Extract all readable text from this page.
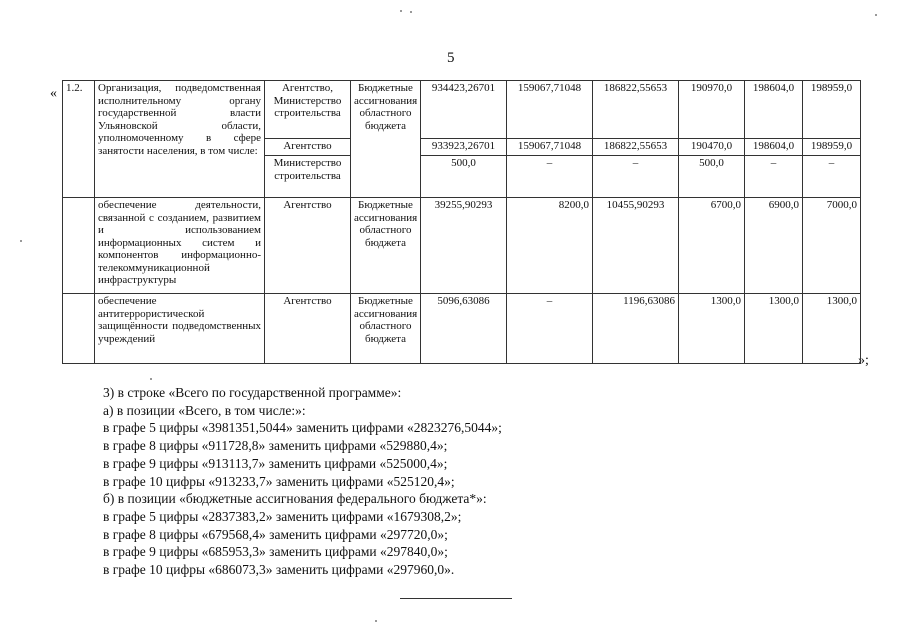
5
«
»;
1.2.	Организация, подведомственная исполнительному органу государственной власти Ульяновской области, уполномоченному в сфере занятости населения, в том числе:	Агентство, Министерство строительства	Бюджетные ассигнования областного бюджета	934423,26701	159067,71048	186822,55653	190970,0	198604,0	198959,0
		Агентство		933923,26701	159067,71048	186822,55653	190470,0	198604,0	198959,0
		Министерство строительства		500,0	–	–	500,0	–	–
	обеспечение деятельности, связанной с созданием, развитием и использованием информационных систем и компонентов информационно-телекоммуникационной инфраструктуры	Агентство	Бюджетные ассигнования областного бюджета	39255,90293	8200,0	10455,90293	6700,0	6900,0	7000,0
	обеспечение антитеррористической защищённости подведомственных учреждений	Агентство	Бюджетные ассигнования областного бюджета	5096,63086	–	1196,63086	1300,0	1300,0	1300,0
3) в строке «Всего по государственной программе»:
а) в позиции «Всего, в том числе:»:
в графе 5 цифры «3981351,5044» заменить цифрами «2823276,5044»;
в графе 8 цифры «911728,8» заменить цифрами «529880,4»;
в графе 9 цифры «913113,7» заменить цифрами «525000,4»;
в графе 10 цифры «913233,7» заменить цифрами «525120,4»;
б) в позиции «бюджетные ассигнования федерального бюджета*»:
в графе 5 цифры «2837383,2» заменить цифрами «1679308,2»;
в графе 8 цифры «679568,4» заменить цифрами «297720,0»;
в графе 9 цифры «685953,3» заменить цифрами «297840,0»;
в графе 10 цифры «686073,3» заменить цифрами «297960,0».
